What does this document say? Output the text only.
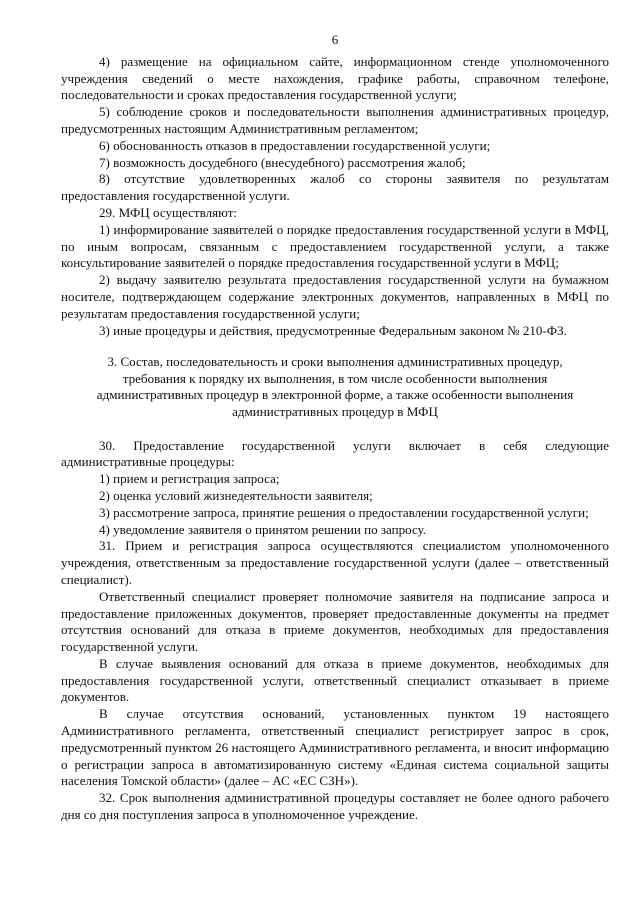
6

4) размещение на официальном сайте, информационном стенде уполномоченного учреждения сведений о месте нахождения, графике работы, справочном телефоне, последовательности и сроках предоставления государственной услуги;

5) соблюдение сроков и последовательности выполнения административных процедур, предусмотренных настоящим Административным регламентом;

6) обоснованность отказов в предоставлении государственной услуги;

7) возможность досудебного (внесудебного) рассмотрения жалоб;

8) отсутствие удовлетворенных жалоб со стороны заявителя по результатам предоставления государственной услуги.

29. МФЦ осуществляют:

1) информирование заявителей о порядке предоставления государственной услуги в МФЦ, по иным вопросам, связанным с предоставлением государственной услуги, а также консультирование заявителей о порядке предоставления государственной услуги в МФЦ;

2) выдачу заявителю результата предоставления государственной услуги на бумажном носителе, подтверждающем содержание электронных документов, направленных в МФЦ по результатам предоставления государственной услуги;

3) иные процедуры и действия, предусмотренные Федеральным законом № 210-ФЗ.

3. Состав, последовательность и сроки выполнения административных процедур,
требования к порядку их выполнения, в том числе особенности выполнения
административных процедур в электронной форме, а также особенности выполнения
административных процедур в МФЦ

30. Предоставление государственной услуги включает в себя следующие административные процедуры:

1) прием и регистрация запроса;

2) оценка условий жизнедеятельности заявителя;

3) рассмотрение запроса, принятие решения о предоставлении государственной услуги;

4) уведомление заявителя о принятом решении по запросу.

31. Прием и регистрация запроса осуществляются специалистом уполномоченного учреждения, ответственным за предоставление государственной услуги (далее – ответственный специалист).

Ответственный специалист проверяет полномочие заявителя на подписание запроса и предоставление приложенных документов, проверяет предоставленные документы на предмет отсутствия оснований для отказа в приеме документов, необходимых для предоставления государственной услуги.

В случае выявления оснований для отказа в приеме документов, необходимых для предоставления государственной услуги, ответственный специалист отказывает в приеме документов.

В случае отсутствия оснований, установленных пунктом 19 настоящего Административного регламента, ответственный специалист регистрирует запрос в срок, предусмотренный пунктом 26 настоящего Административного регламента, и вносит информацию о регистрации запроса в автоматизированную систему «Единая система социальной защиты населения Томской области» (далее – АС «ЕС СЗН»).

32. Срок выполнения административной процедуры составляет не более одного рабочего дня со дня поступления запроса в уполномоченное учреждение.
